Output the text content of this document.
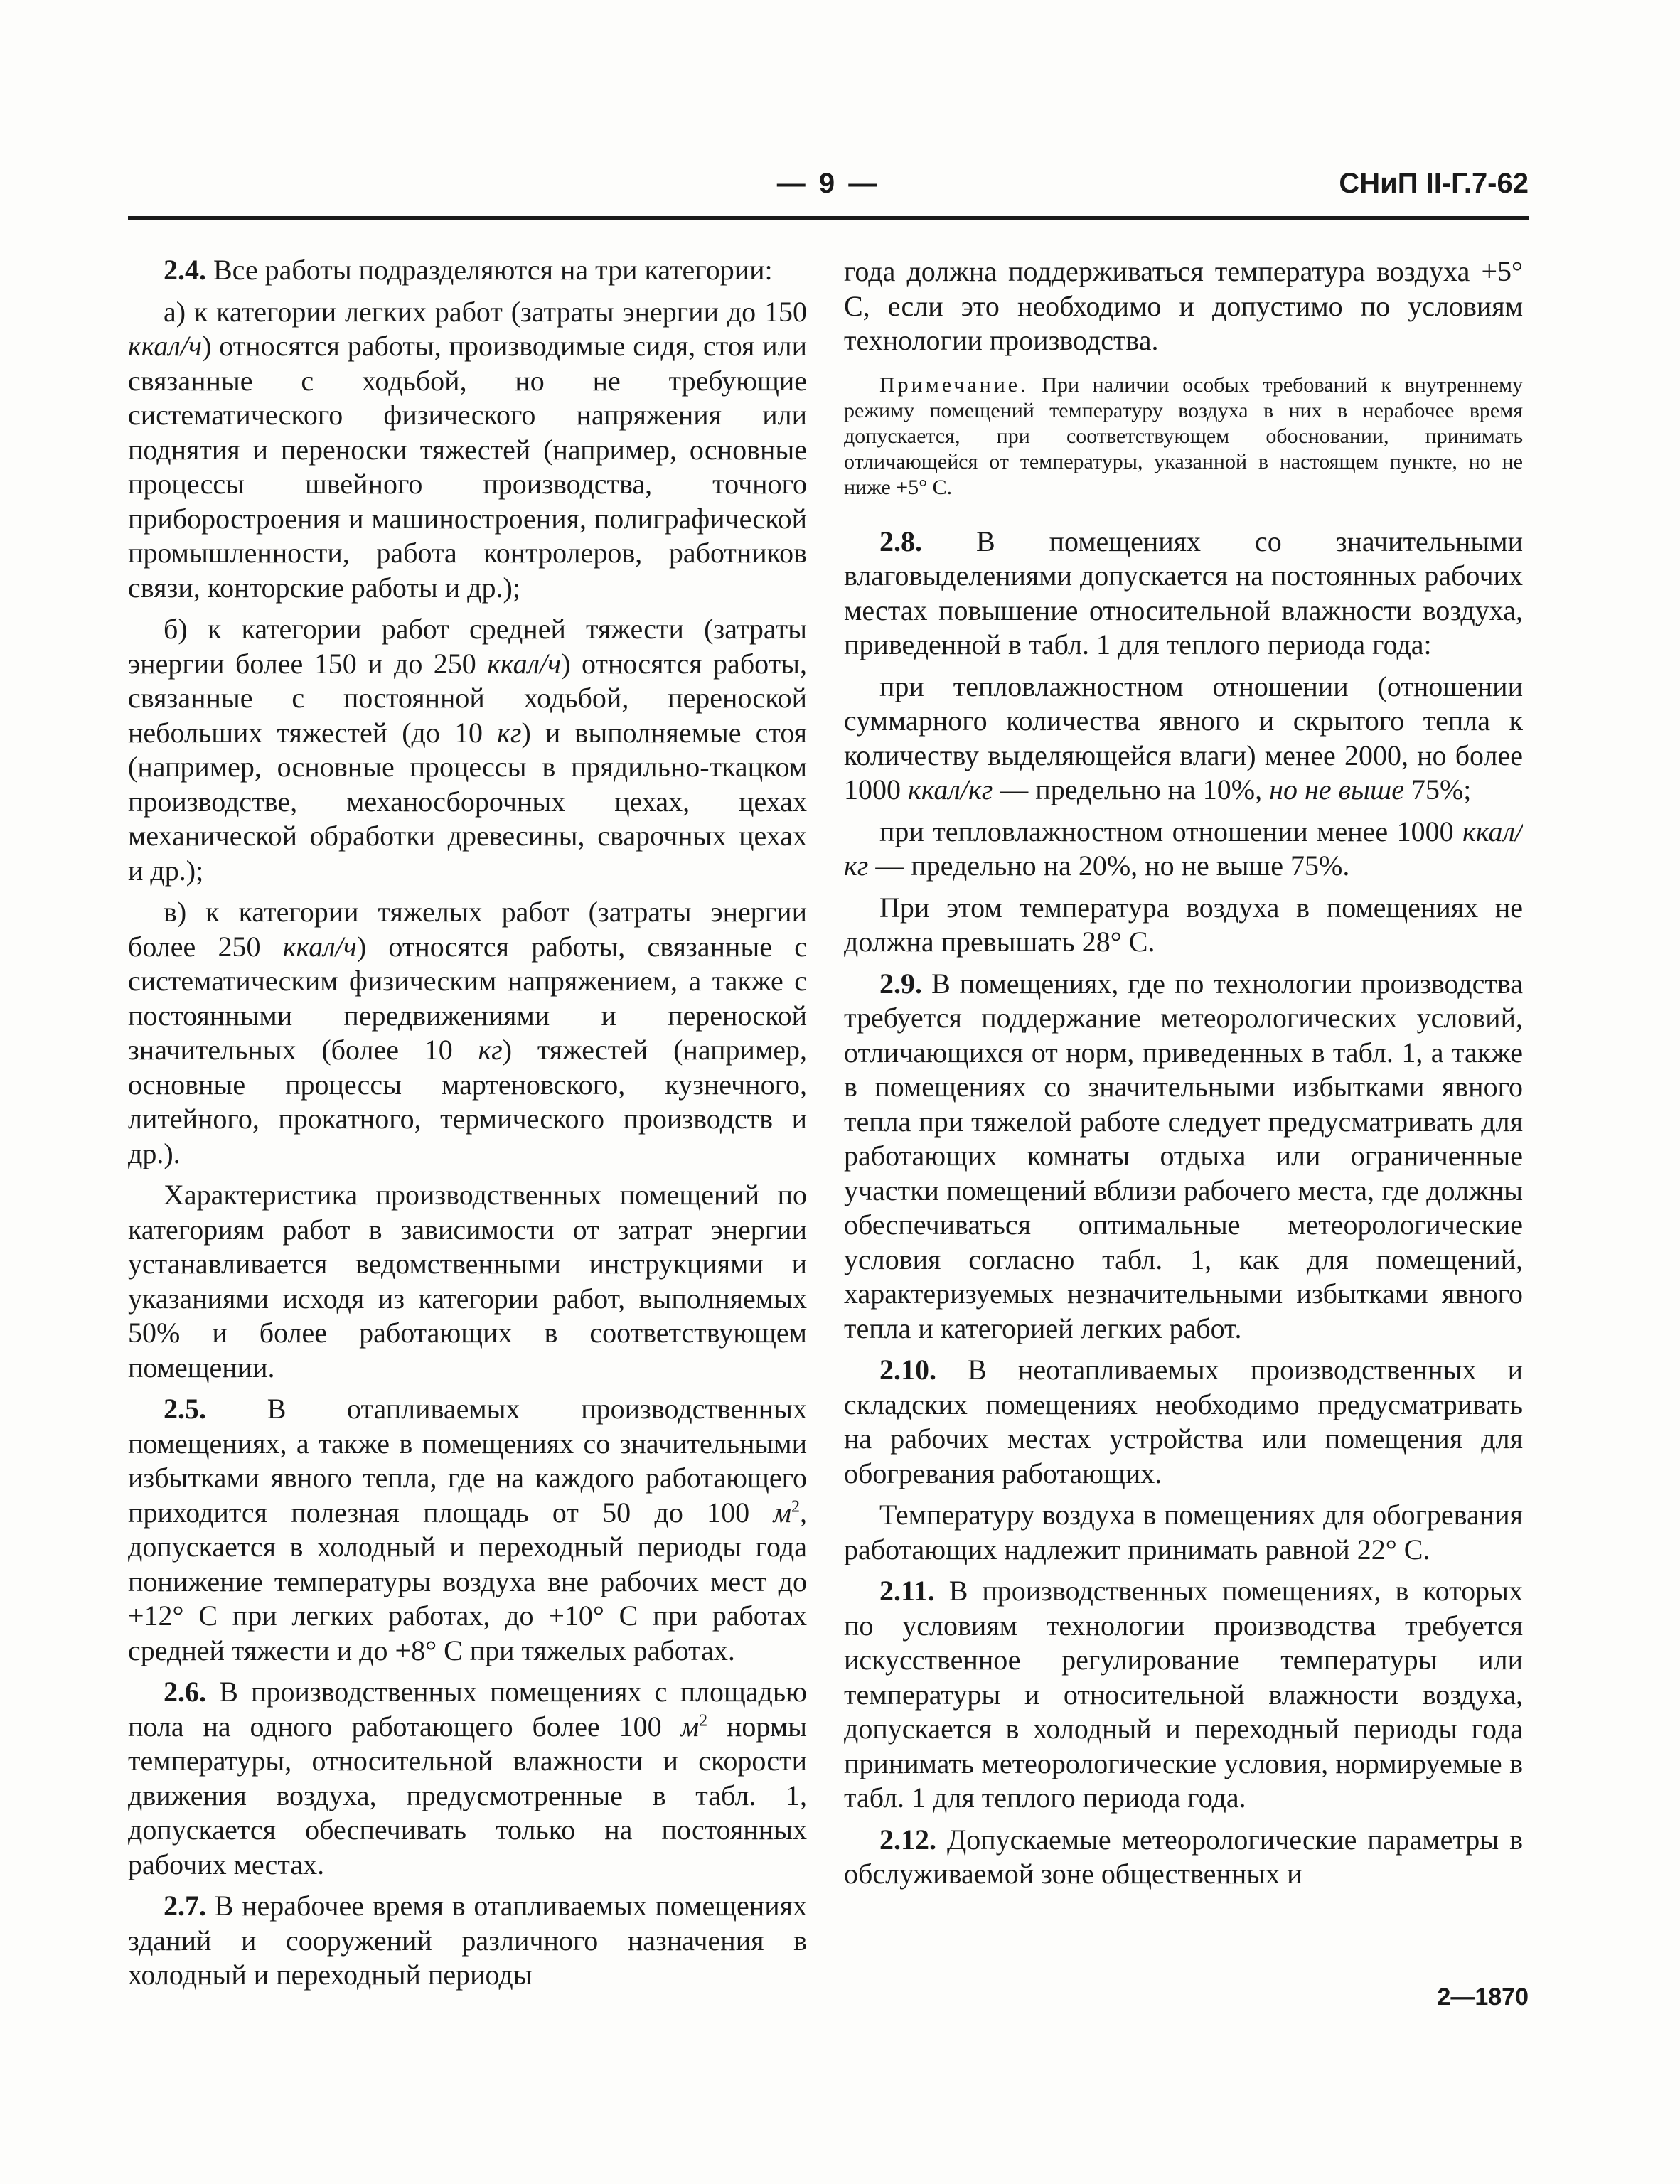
— 9 —	СНиП II-Г.7-62

2.4. Все работы подразделяются на три категории:

а) к категории легких работ (затраты энергии до 150 ккал/ч) относятся работы, производимые сидя, стоя или связанные с ходьбой, но не требующие систематического физического напряжения или поднятия и переноски тяжестей (например, основные процессы швейного производства, точного приборостроения и машиностроения, полиграфической промышленности, работа контролеров, работников связи, конторские работы и др.);

б) к категории работ средней тяжести (затраты энергии более 150 и до 250 ккал/ч) относятся работы, связанные с постоянной ходьбой, переноской небольших тяжестей (до 10 кг) и выполняемые стоя (например, основные процессы в прядильно-ткацком производстве, механосборочных цехах, цехах механической обработки древесины, сварочных цехах и др.);

в) к категории тяжелых работ (затраты энергии более 250 ккал/ч) относятся работы, связанные с систематическим физическим напряжением, а также с постоянными передвижениями и переноской значительных (более 10 кг) тяжестей (например, основные процессы мартеновского, кузнечного, литейного, прокатного, термического производств и др.).

Характеристика производственных помещений по категориям работ в зависимости от затрат энергии устанавливается ведомственными инструкциями и указаниями исходя из категории работ, выполняемых 50% и более работающих в соответствующем помещении.

2.5. В отапливаемых производственных помещениях, а также в помещениях со значительными избытками явного тепла, где на каждого работающего приходится полезная площадь от 50 до 100 $м^2$, допускается в холодный и переходный периоды года понижение температуры воздуха вне рабочих мест до +12° C при легких работах, до +10° C при работах средней тяжести и до +8° C при тяжелых работах.

2.6. В производственных помещениях с площадью пола на одного работающего более 100 $м^2$ нормы температуры, относительной влажности и скорости движения воздуха, предусмотренные в табл. 1, допускается обеспечивать только на постоянных рабочих местах.

2.7. В нерабочее время в отапливаемых помещениях зданий и сооружений различного назначения в холодный и переходный периоды

года должна поддерживаться температура воздуха +5° C, если это необходимо и допустимо по условиям технологии производства.

Примечание. При наличии особых требований к внутреннему режиму помещений температуру воздуха в них в нерабочее время допускается, при соответствующем обосновании, принимать отличающейся от температуры, указанной в настоящем пункте, но не ниже +5° C.

2.8. В помещениях со значительными влаговыделениями допускается на постоянных рабочих местах повышение относительной влажности воздуха, приведенной в табл. 1 для теплого периода года:

при тепловлажностном отношении (отношении суммарного количества явного и скрытого тепла к количеству выделяющейся влаги) менее 2000, но более 1000 ккал/кг — предельно на 10%, но не выше 75%;

при тепловлажностном отношении менее 1000 ккал/кг — предельно на 20%, но не выше 75%.

При этом температура воздуха в помещениях не должна превышать 28° C.

2.9. В помещениях, где по технологии производства требуется поддержание метеорологических условий, отличающихся от норм, приведенных в табл. 1, а также в помещениях со значительными избытками явного тепла при тяжелой работе следует предусматривать для работающих комнаты отдыха или ограниченные участки помещений вблизи рабочего места, где должны обеспечиваться оптимальные метеорологические условия согласно табл. 1, как для помещений, характеризуемых незначительными избытками явного тепла и категорией легких работ.

2.10. В неотапливаемых производственных и складских помещениях необходимо предусматривать на рабочих местах устройства или помещения для обогревания работающих.

Температуру воздуха в помещениях для обогревания работающих надлежит принимать равной 22° C.

2.11. В производственных помещениях, в которых по условиям технологии производства требуется искусственное регулирование температуры или температуры и относительной влажности воздуха, допускается в холодный и переходный периоды года принимать метеорологические условия, нормируемые в табл. 1 для теплого периода года.

2.12. Допускаемые метеорологические параметры в обслуживаемой зоне общественных и

2—1870
